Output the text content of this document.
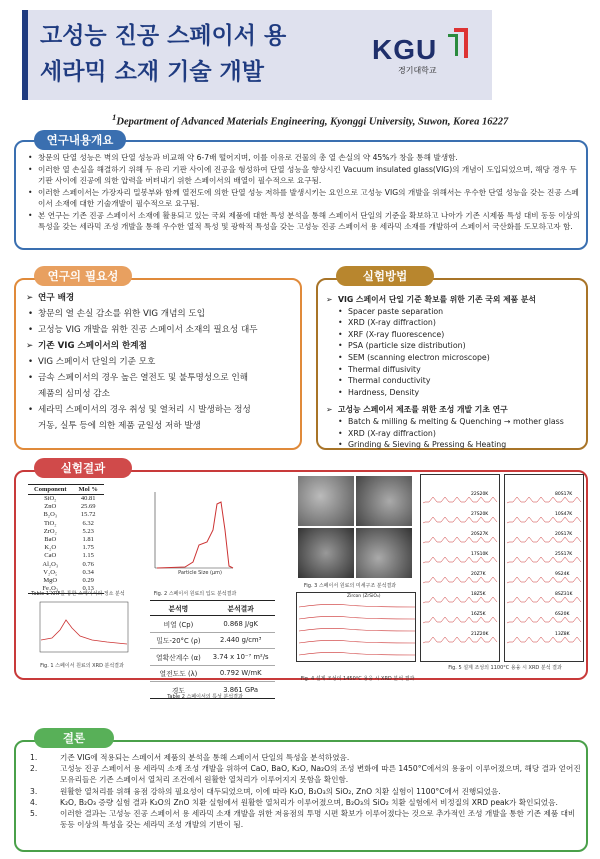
고성능 진공 스페이서 용
세라믹 소재 기술 개발
KGU
경기대학교
$^1$Department of Advanced Materials Engineering, Kyonggi University, Suwon, Korea 16227
연구내용개요
• 창문의 단열 성능은 벽의 단열 성능과 비교해 약 6-7배 떨어지며, 이를 이유로 건물의 총 열 손실의 약 45%가 창을 통해 발생함.
• 이러한 열 손실을 해결하기 위해 두 유리 기판 사이에 진공을 형성하여 단열 성능을 향상시킨 Vacuum insulated glass(VIG)의 개념이 도입되었으며, 해당 경우 두 기판 사이에 진공에 의한 압력을 버텨내기 위한 스페이서의 배열이 필수적으로 요구됨.
• 이러한 스페이서는 가장자리 밀봉부와 함께 열전도에 의한 단열 성능 저하를 발생시키는 요인으로 고성능 VIG의 개발을 위해서는 우수한 단열 성능을 갖는 진공 스페이서 소재에 대한 기술개발이 필수적으로 요구됨.
• 본 연구는 기존 진공 스페이서 소재에 활용되고 있는 국외 제품에 대한 특성 분석을 통해 스페이서 단일의 기준을 확보하고 나아가 기존 시제품 특성 대비 동등 이상의 특성을 갖는 세라믹 조성 개발을 통해 우수한 열적 특성 및 광학적 특성을 갖는 고성능 진공 스페이서 용 세라믹 소재를 개발하여 스페이서 국산화를 도모하고자 함.
연구의 필요성
➢ 연구 배경
• 창문의 열 손실 감소를 위한 VIG 개념의 도입
• 고성능 VIG 개발을 위한 진공 스페이서 소재의 필요성 대두
➢ 기존 VIG 스페이서의 한계점
• VIG 스페이서 단일의 기준 모호
• 금속 스페이서의 경우 높은 열전도 및 불투명성으로 인해
제품의 심미성 감소
• 세라믹 스페이서의 경우 취성 및 열처리 시 발생하는 정성
거동, 실투 등에 의한 제품 균일성 저하 발생
실험방법
➢ VIG 스페이서 단일 기준 확보를 위한 기존 국외 제품 분석
• Spacer paste separation
• XRD (X-ray diffraction)
• XRF (X-ray fluorescence)
• PSA (particle size distribution)
• SEM (scanning electron microscope)
• Thermal diffusivity
• Thermal conductivity
• Hardness, Density
➢ 고성능 스페이서 제조를 위한 조성 개발 기초 연구
• Batch & milling & melting & Quenching → mother glass
• XRD (X-ray diffraction)
• Grinding & Sieving & Pressing & Heating
실험결과
Component	Mol %
SiO₂	40.81
ZnO	25.69
B₂O₃	15.72
TiO₂	6.32
ZrO₂	5.23
BaO	1.81
K₂O	1.75
CaO	1.15
Al₂O₃	0.76
V₂O₅	0.34
MgO	0.29
Fe₂O₃	0.13
Table 1 XRF를 통한 스페이서의 정소 분석
Particle Size (μm)
Fig. 2 스페이서 원료의 입도 분석결과
Fig. 3 스페이서 원료의 미세구조 분석결과
Fig. 1 스페이서 원료의 XRD 분석결과
분석명	분석결과
비열 (Cp)	0.868 J/gK
밀도-20°C (ρ)	2.440 g/cm³
열확산계수 (α)	3.74 x 10⁻⁷ m²/s
열전도도 (λ)	0.792 W/mK
경도	3.861 GPa
Table 2 스페이서의 특성 분석결과
Zircon (ZrSiO₄)
Fig. 4 설계 조성의 1450°C 용융 시 XRD 분석 결과
22S20K
27S20K
20S27K
17S10K
20Z7K
18Z5K
16Z5K
21Z20K
80S17K
10S47K
20S17K
25S17K
9S24K
8SZ31K
6S20K
13Z8K
Fig. 5 설계 조성의 1100°C 용융 시 XRD 분석 결과
결론
1.	기존 VIG에 적용되는 스페이서 제품의 분석을 통해 스페이서 단일의 특성을 분석하였음.
2.	고성능 진공 스페이서 용 세라믹 소재 조성 개발을 위하여 CaO, BaO, K₂O, Na₂O의 조성 변화에 따른 1450°C에서의 용융이 이루어졌으며, 해당 결과 얻어진 모유리들은 기존 스페이서 열처리 조건에서 원활한 열처리가 이루어지지 못함을 확인함.
3.	원활한 열처리를 위해 융점 강하의 필요성이 대두되었으며, 이에 따라 K₂O, B₂O₃의 SiO₂, ZnO 치환 실험이 1100°C에서 진행되었음.
4.	K₂O, B₂O₃ 증량 실험 결과 K₂O의 ZnO 치환 실험에서 원활한 열처리가 이루어졌으며, B₂O₃의 SiO₂ 치환 실험에서 비정질의 XRD peak가 확인되었음.
5.	이러한 결과는 고성능 진공 스페이서 용 세라믹 소재 개발을 위한 저융점의 투명 시편 확보가 이루어졌다는 것으로 추가적인 조성 개발을 통한 기존 제품 대비 동등 이상의 특성을 갖는 세라믹 조성 개발의 기반이 됨.
